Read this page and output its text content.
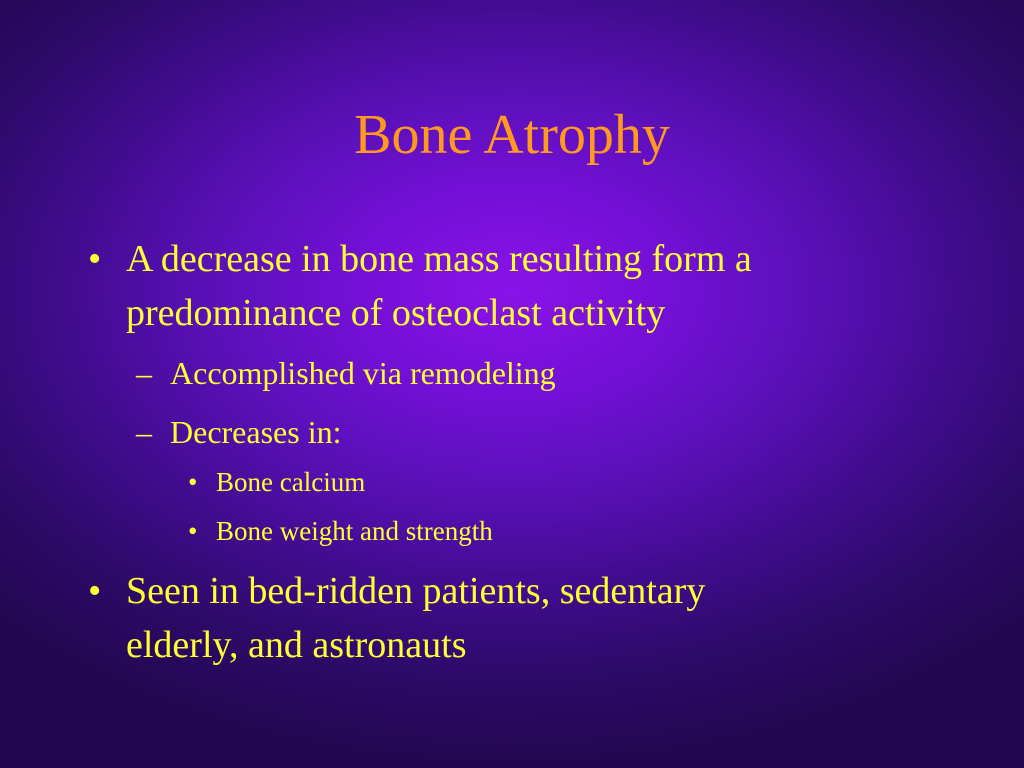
Bone Atrophy
• A decrease in bone mass resulting form a
predominance of osteoclast activity
– Accomplished via remodeling
– Decreases in:
• Bone calcium
• Bone weight and strength
• Seen in bed-ridden patients, sedentary
elderly, and astronauts
